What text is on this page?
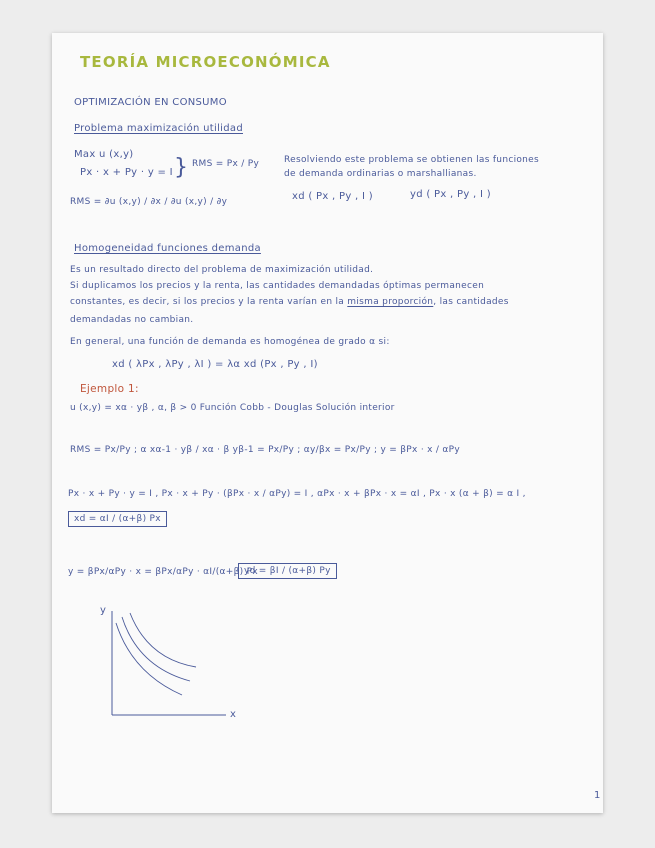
TEORÍA MICROECONÓMICA
OPTIMIZACIÓN EN CONSUMO
Problema maximización utilidad
Max u (x,y)
Px · x + Py · y = I } RMS = Px / Py
RMS = ∂u (x,y) / ∂x / ∂u (x,y) / ∂y
Resolviendo este problema se obtienen las funciones
de demanda ordinarias o marshallianas.
xd ( Px , Py , I )	yd ( Px , Py , I )
Homogeneidad funciones demanda
Es un resultado directo del problema de maximización utilidad.
Si duplicamos los precios y la renta, las cantidades demandadas óptimas permanecen
constantes, es decir, si los precios y la renta varían en la misma proporción, las cantidades
demandadas no cambian.
En general, una función de demanda es homogénea de grado α si:
xd ( λPx , λPy , λI ) = λα xd (Px , Py , I)
Ejemplo 1:
u (x,y) = xα · yβ , α, β > 0 Función Cobb - Douglas Solución interior
RMS = Px/Py ; α xα-1 · yβ / xα · β yβ-1 = Px/Py ; αy/βx = Px/Py ; y = βPx · x / αPy
Px · x + Py · y = I , Px · x + Py · (βPx · x / αPy) = I , αPx · x + βPx · x = αI , Px · x (α + β) = α I ,
xd = αI / (α+β) Px
y = βPx/αPy · x = βPx/αPy · αI/(α+β) Px
yd = βI / (α+β) Py
y
x
1
